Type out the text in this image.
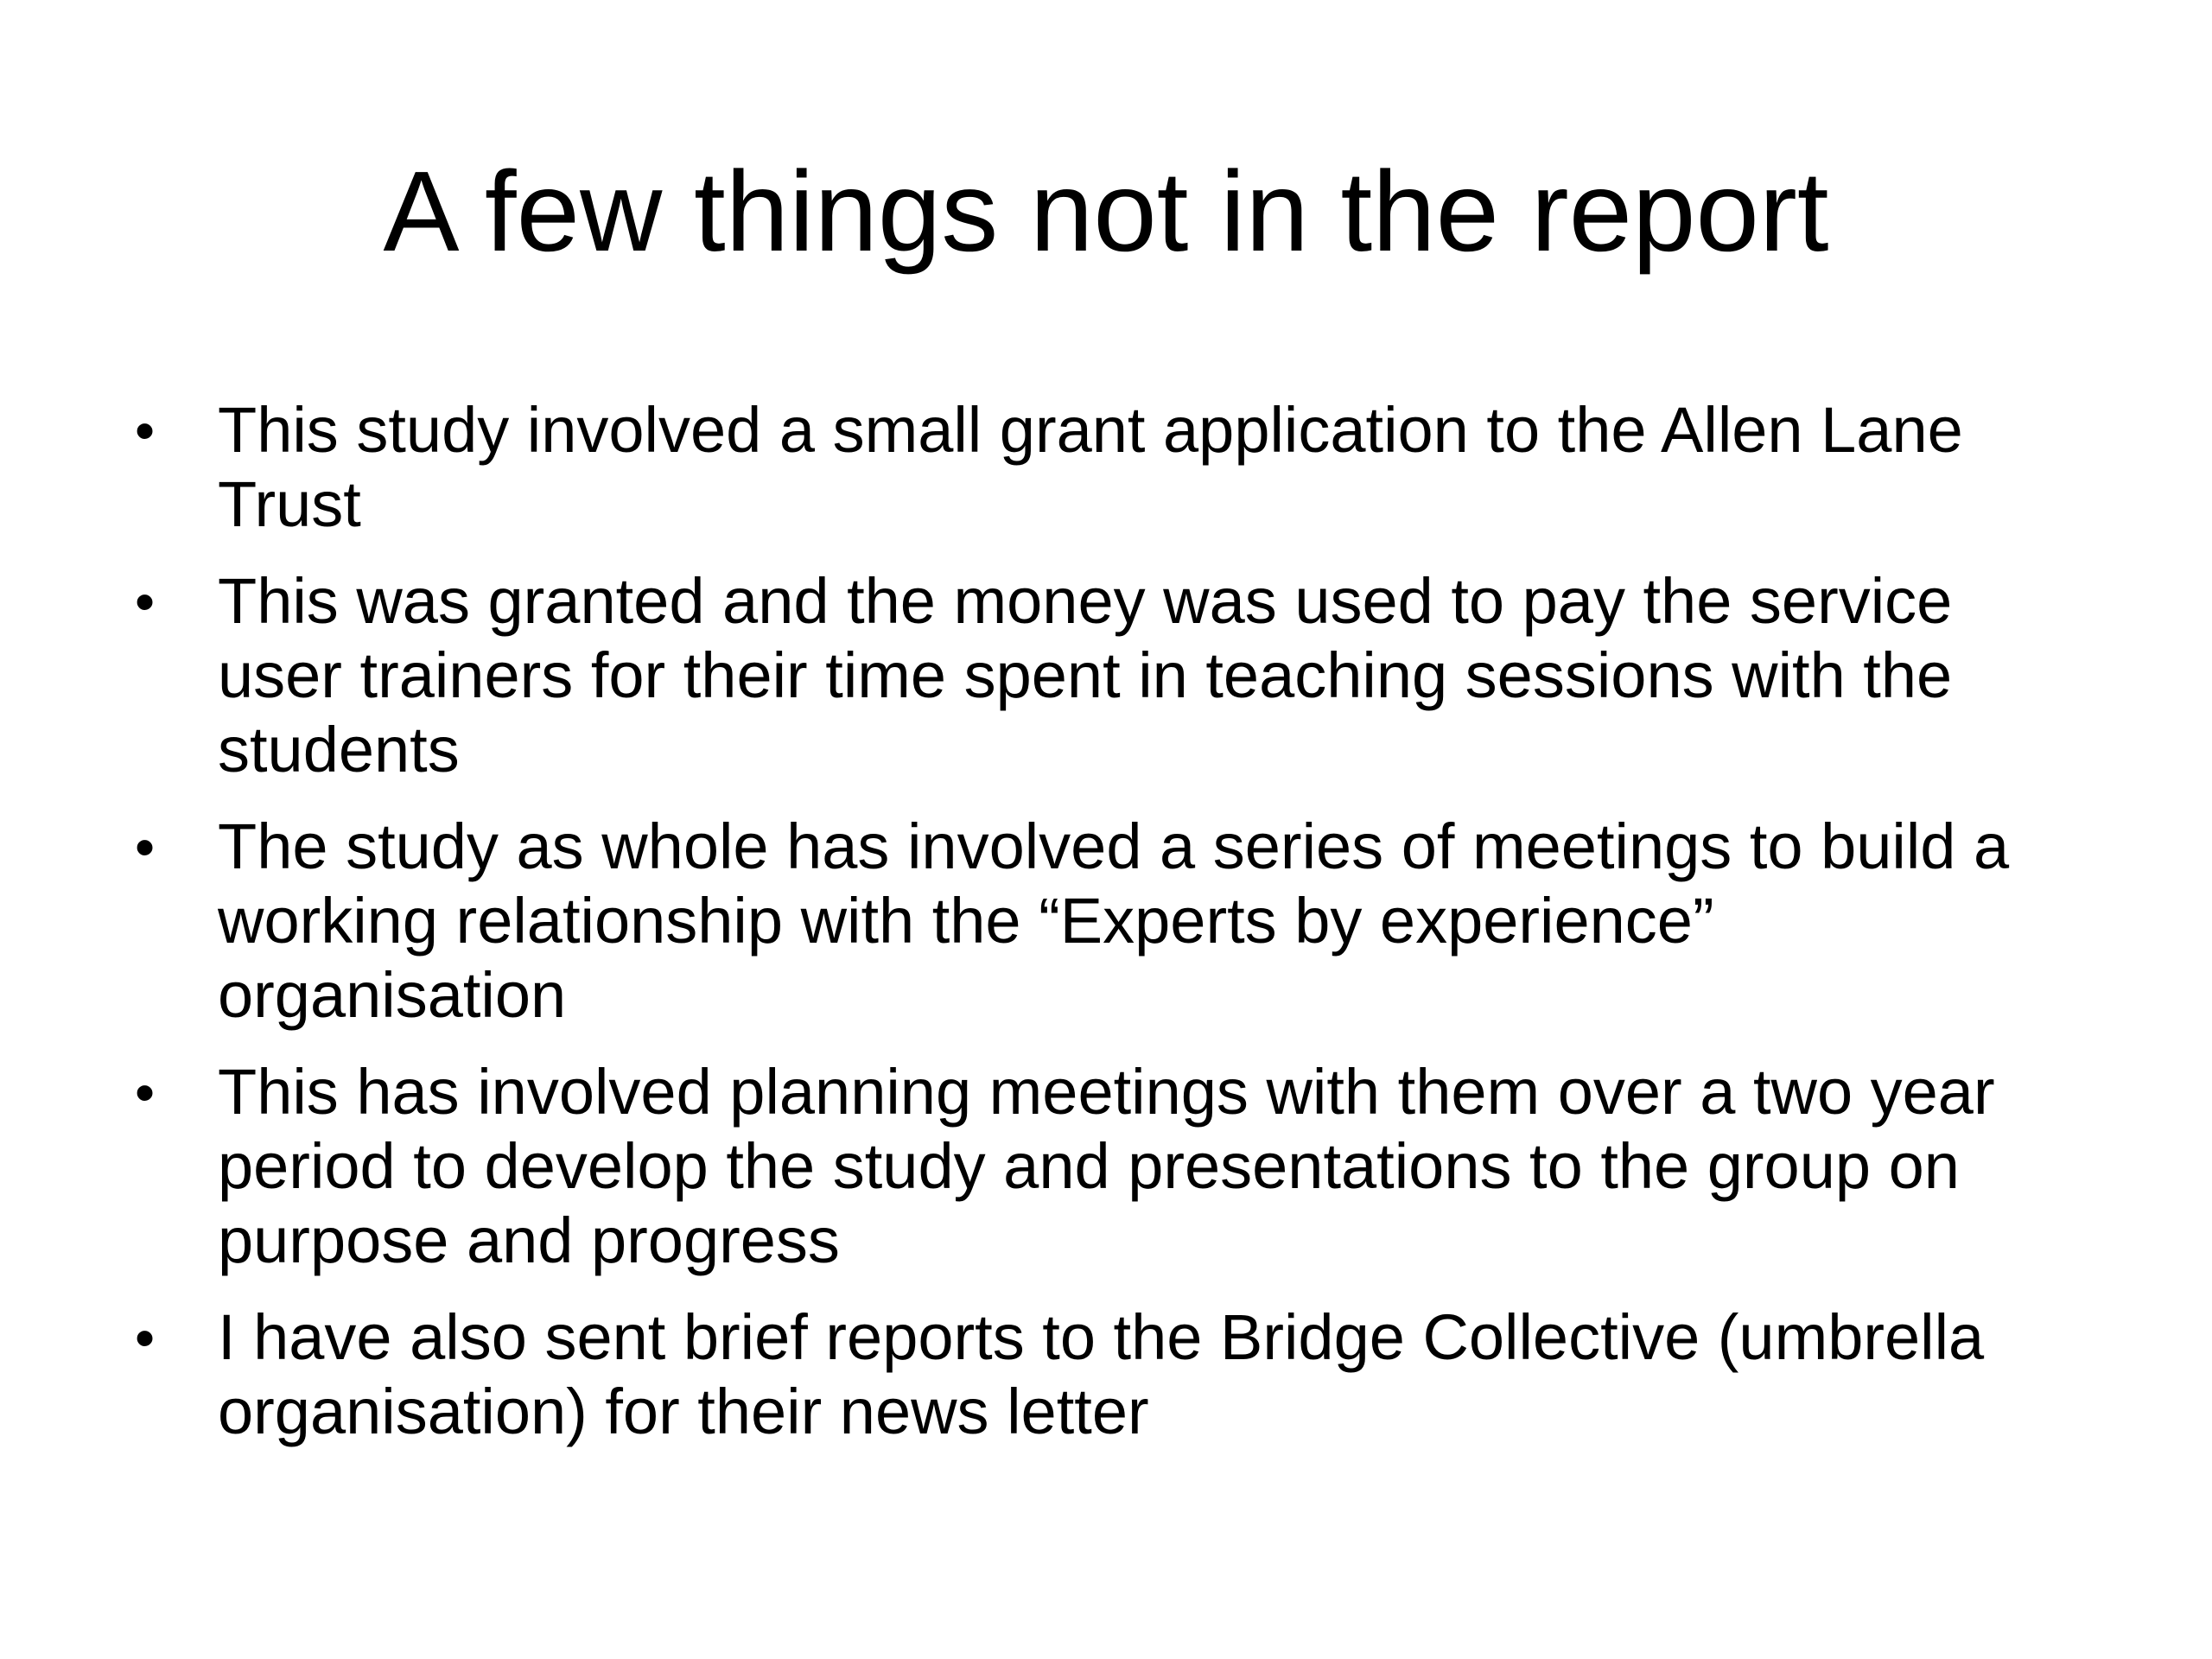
A few things not in the report
• This study involved a small grant application to the Allen Lane Trust
• This was granted and the money was used to pay the service user trainers for their time spent in teaching sessions with the students
• The study as whole has involved a series of meetings to build a working relationship with the “Experts by experience” organisation
• This has involved planning meetings with them over a two year period to develop the study and presentations to the group on purpose and progress
• I have also sent brief reports to the Bridge Collective (umbrella organisation) for their news letter
